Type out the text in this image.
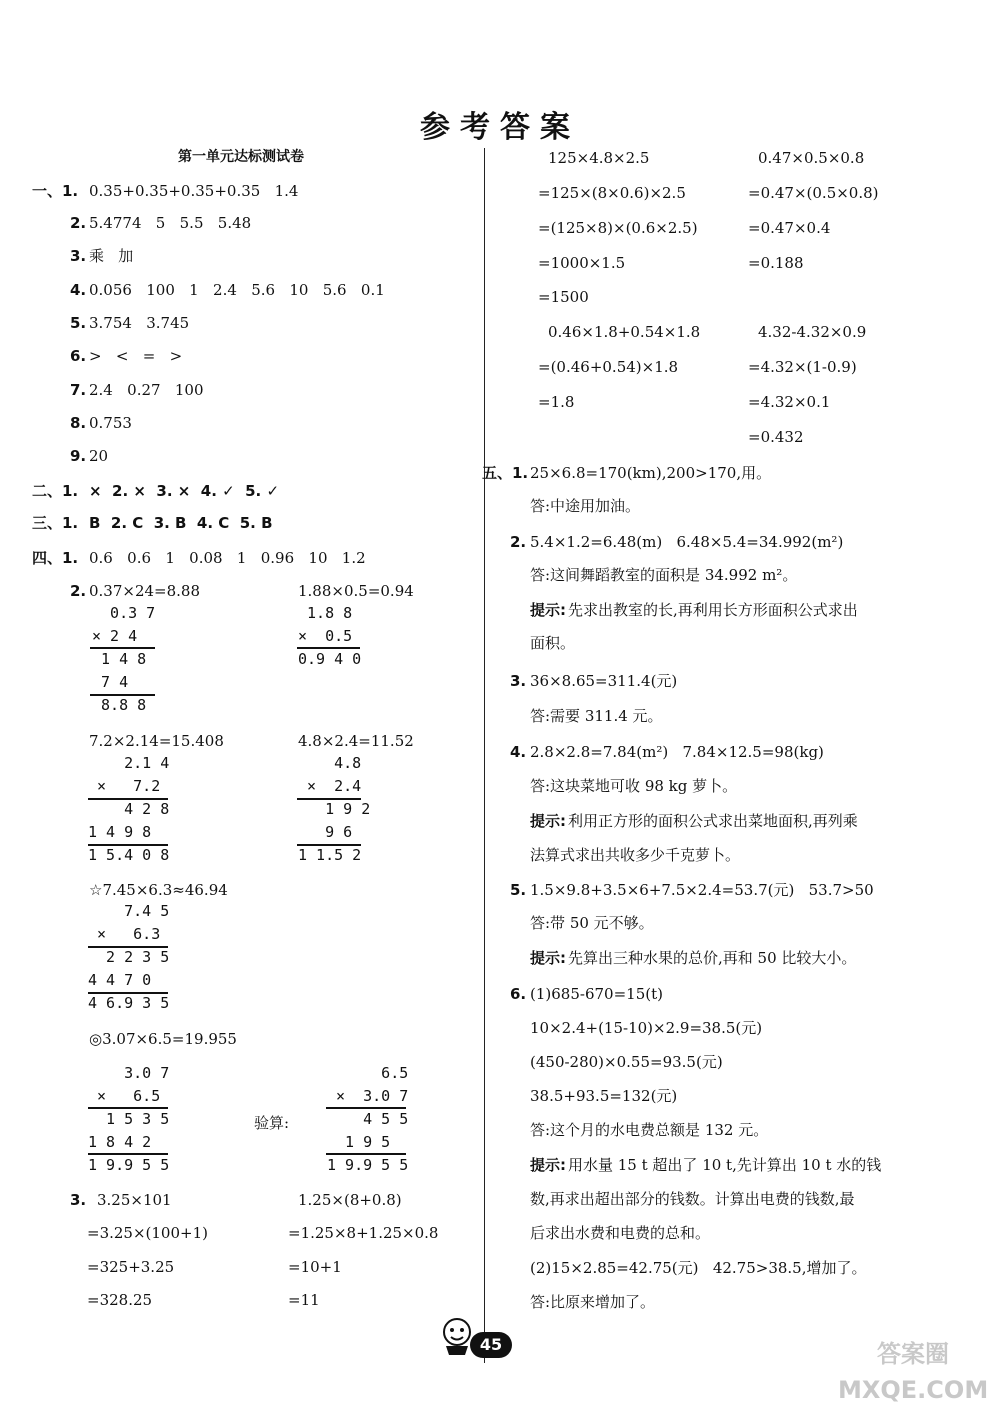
参考答案
第一单元达标测试卷
一、1. 0.35+0.35+0.35+0.35   1.4
2. 5.4774   5   5.5   5.48
3. 乘   加
4. 0.056   100   1   2.4   5.6   10   5.6   0.1
5. 3.754   3.745
6. >   <   =   >
7. 2.4   0.27   100
8. 0.753
9. 20
二、1. ×  2. ×  3. ×  4. ✓  5. ✓
三、1. B  2. C  3. B  4. C  5. B
四、1. 0.6   0.6   1   0.08   1   0.96   10   1.2
2. 0.37×24=8.88	1.88×0.5=0.94
0.3 7
× 2 4
1 4 8
7 4
8.8 8
1.8 8
×  0.5
0.9 4 0
7.2×2.14=15.408	4.8×2.4=11.52
2.1 4
×   7.2
4 2 8
1 4 9 8
1 5.4 0 8
4.8
×  2.4
1 9 2
9 6
1 1.5 2
☆7.45×6.3≈46.94
7.4 5
×   6.3
2 2 3 5
4 4 7 0
4 6.9 3 5
◎3.07×6.5=19.955
3.0 7
×   6.5
1 5 3 5
1 8 4 2
1 9.9 5 5
验算:
6.5
×  3.0 7
4 5 5
1 9 5
1 9.9 5 5
3. 3.25×101
=3.25×(100+1)
=325+3.25
=328.25
1.25×(8+0.8)
=1.25×8+1.25×0.8
=10+1
=11
125×4.8×2.5
=125×(8×0.6)×2.5
=(125×8)×(0.6×2.5)
=1000×1.5
=1500
0.47×0.5×0.8
=0.47×(0.5×0.8)
=0.47×0.4
=0.188
0.46×1.8+0.54×1.8
=(0.46+0.54)×1.8
=1.8
4.32-4.32×0.9
=4.32×(1-0.9)
=4.32×0.1
=0.432
五、1. 25×6.8=170(km),200>170,用。
答:中途用加油。
2. 5.4×1.2=6.48(m)   6.48×5.4=34.992(m²)
答:这间舞蹈教室的面积是 34.992 m²。
提示: 先求出教室的长,再利用长方形面积公式求出
面积。
3. 36×8.65=311.4(元)
答:需要 311.4 元。
4. 2.8×2.8=7.84(m²)   7.84×12.5=98(kg)
答:这块菜地可收 98 kg 萝卜。
提示: 利用正方形的面积公式求出菜地面积,再列乘
法算式求出共收多少千克萝卜。
5. 1.5×9.8+3.5×6+7.5×2.4=53.7(元)   53.7>50
答:带 50 元不够。
提示: 先算出三种水果的总价,再和 50 比较大小。
6. (1)685-670=15(t)
10×2.4+(15-10)×2.9=38.5(元)
(450-280)×0.55=93.5(元)
38.5+93.5=132(元)
答:这个月的水电费总额是 132 元。
提示: 用水量 15 t 超出了 10 t,先计算出 10 t 水的钱
数,再求出超出部分的钱数。计算出电费的钱数,最
后求出水费和电费的总和。
(2)15×2.85=42.75(元)   42.75>38.5,增加了。
答:比原来增加了。
45	答案圈
MXQE.COM
